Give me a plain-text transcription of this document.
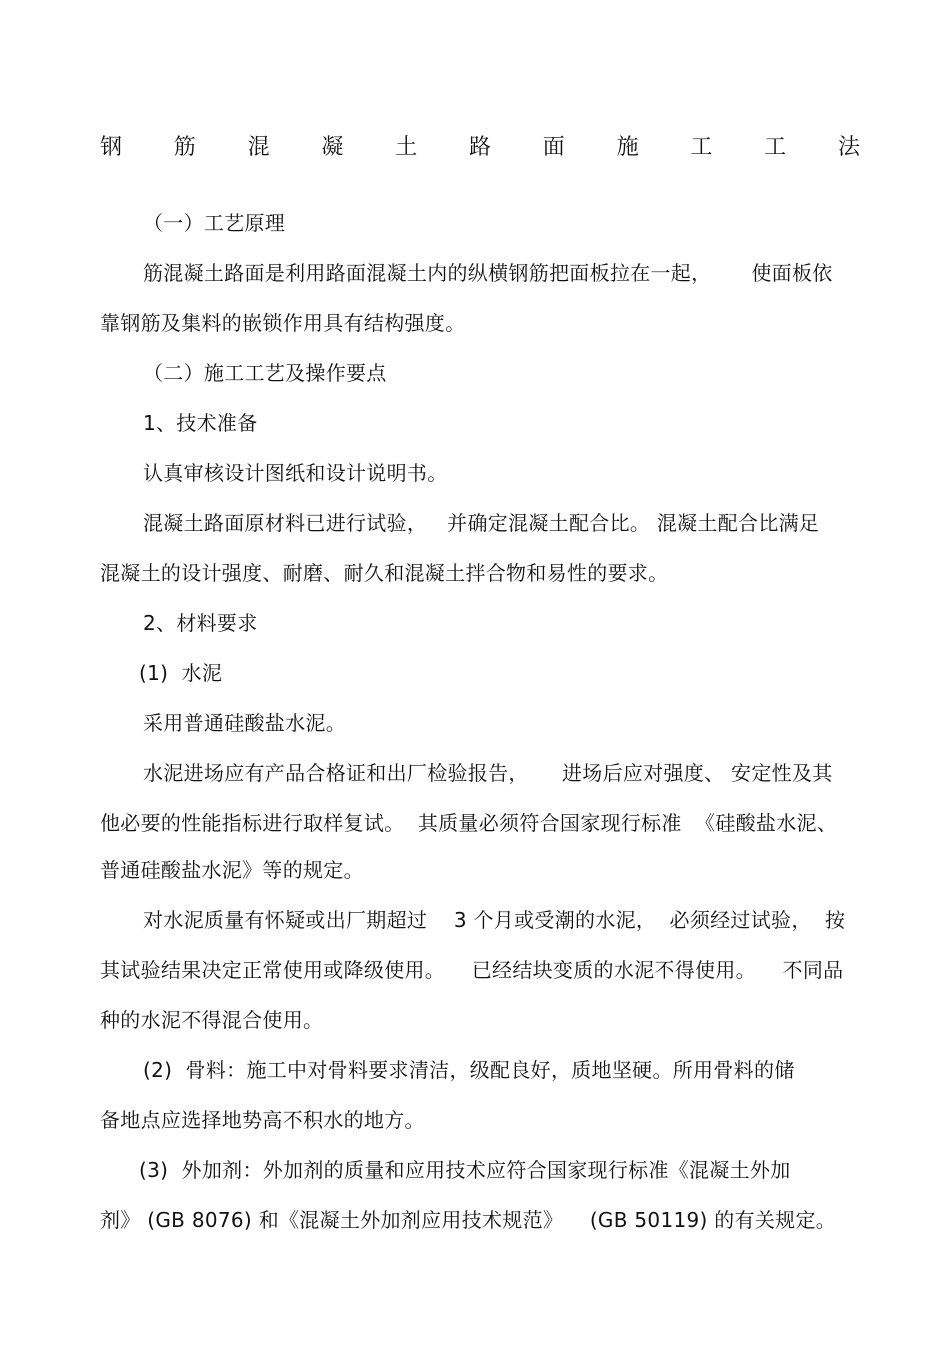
钢 筋 混 凝 土 路 面 施 工 工 法
（一）工艺原理
筋混凝土路面是利用路面混凝土内的纵横钢筋把面板拉在一起，      使面板依
靠钢筋及集料的嵌锁作用具有结构强度。
（二）施工工艺及操作要点
1、技术准备
认真审核设计图纸和设计说明书。
混凝土路面原材料已进行试验，   并确定混凝土配合比。 混凝土配合比满足
混凝土的设计强度、耐磨、耐久和混凝土拌合物和易性的要求。
2、材料要求
(1)  水泥
采用普通硅酸盐水泥。
水泥进场应有产品合格证和出厂检验报告，     进场后应对强度、 安定性及其
他必要的性能指标进行取样复试。  其质量必须符合国家现行标准  《硅酸盐水泥、
普通硅酸盐水泥》等的规定。
对水泥质量有怀疑或出厂期超过    3 个月或受潮的水泥，  必须经过试验，  按
其试验结果决定正常使用或降级使用。    已经结块变质的水泥不得使用。    不同品
种的水泥不得混合使用。
(2)  骨料：施工中对骨料要求清洁，级配良好，质地坚硬。所用骨料的储
备地点应选择地势高不积水的地方。
(3)  外加剂：外加剂的质量和应用技术应符合国家现行标准《混凝土外加
剂》 (GB 8076) 和《混凝土外加剂应用技术规范》    (GB 50119) 的有关规定。
